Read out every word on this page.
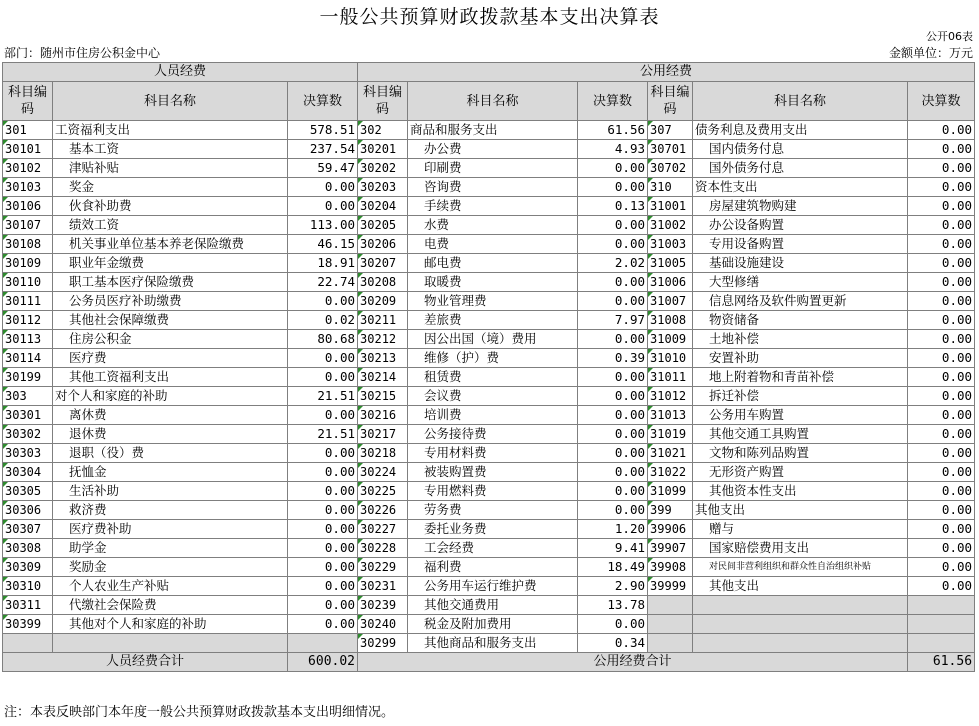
一般公共预算财政拨款基本支出决算表
公开06表
部门：随州市住房公积金中心	金额单位：万元
人员经费			公用经费					
科目编码	科目名称	决算数	科目编码	科目名称	决算数	科目编码	科目名称	决算数
301	工资福利支出	578.51	302	商品和服务支出	61.56	307	债务利息及费用支出	0.00
30101	基本工资	237.54	30201	办公费	4.93	30701	国内债务付息	0.00
30102	津贴补贴	59.47	30202	印刷费	0.00	30702	国外债务付息	0.00
30103	奖金	0.00	30203	咨询费	0.00	310	资本性支出	0.00
30106	伙食补助费	0.00	30204	手续费	0.13	31001	房屋建筑物购建	0.00
30107	绩效工资	113.00	30205	水费	0.00	31002	办公设备购置	0.00
30108	机关事业单位基本养老保险缴费	46.15	30206	电费	0.00	31003	专用设备购置	0.00
30109	职业年金缴费	18.91	30207	邮电费	2.02	31005	基础设施建设	0.00
30110	职工基本医疗保险缴费	22.74	30208	取暖费	0.00	31006	大型修缮	0.00
30111	公务员医疗补助缴费	0.00	30209	物业管理费	0.00	31007	信息网络及软件购置更新	0.00
30112	其他社会保障缴费	0.02	30211	差旅费	7.97	31008	物资储备	0.00
30113	住房公积金	80.68	30212	因公出国（境）费用	0.00	31009	土地补偿	0.00
30114	医疗费	0.00	30213	维修（护）费	0.39	31010	安置补助	0.00
30199	其他工资福利支出	0.00	30214	租赁费	0.00	31011	地上附着物和青苗补偿	0.00
303	对个人和家庭的补助	21.51	30215	会议费	0.00	31012	拆迁补偿	0.00
30301	离休费	0.00	30216	培训费	0.00	31013	公务用车购置	0.00
30302	退休费	21.51	30217	公务接待费	0.00	31019	其他交通工具购置	0.00
30303	退职（役）费	0.00	30218	专用材料费	0.00	31021	文物和陈列品购置	0.00
30304	抚恤金	0.00	30224	被装购置费	0.00	31022	无形资产购置	0.00
30305	生活补助	0.00	30225	专用燃料费	0.00	31099	其他资本性支出	0.00
30306	救济费	0.00	30226	劳务费	0.00	399	其他支出	0.00
30307	医疗费补助	0.00	30227	委托业务费	1.20	39906	赠与	0.00
30308	助学金	0.00	30228	工会经费	9.41	39907	国家赔偿费用支出	0.00
30309	奖励金	0.00	30229	福利费	18.49	39908	对民间非营利组织和群众性自治组织补贴	0.00
30310	个人农业生产补贴	0.00	30231	公务用车运行维护费	2.90	39999	其他支出	0.00
30311	代缴社会保险费	0.00	30239	其他交通费用	13.78			
30399	其他对个人和家庭的补助	0.00	30240	税金及附加费用	0.00			
			30299	其他商品和服务支出	0.34			
人员经费合计		600.02	公用经费合计					61.56
注：本表反映部门本年度一般公共预算财政拨款基本支出明细情况。
